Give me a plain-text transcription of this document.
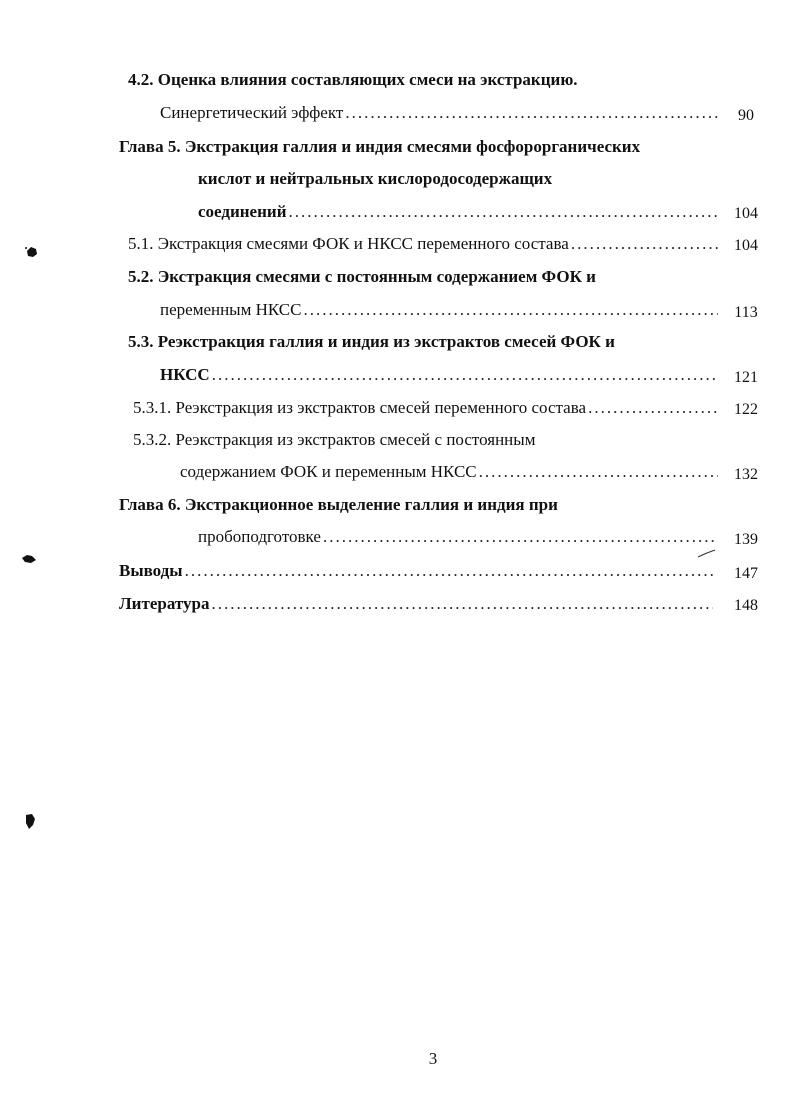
4.2. Оценка влияния составляющих смеси на экстракцию.
Синергетический эффект .....	90
Глава 5. Экстракция галлия и индия смесями фосфорорганических
кислот и нейтральных кислородосодержащих
соединений .....	104
5.1. Экстракция смесями ФОК и НКСС переменного состава .....	104
5.2. Экстракция смесями с постоянным содержанием ФОК и
переменным НКСС .....	113
5.3. Реэкстракция галлия и индия из экстрактов смесей ФОК и
НКСС .....	121
5.3.1. Реэкстракция из экстрактов смесей переменного состава .....	122
5.3.2. Реэкстракция из экстрактов смесей с постоянным
содержанием ФОК и переменным НКСС .....	132
Глава 6. Экстракционное выделение галлия и индия при
пробоподготовке .....	139
Выводы .....	147
Литература .....	148
3
